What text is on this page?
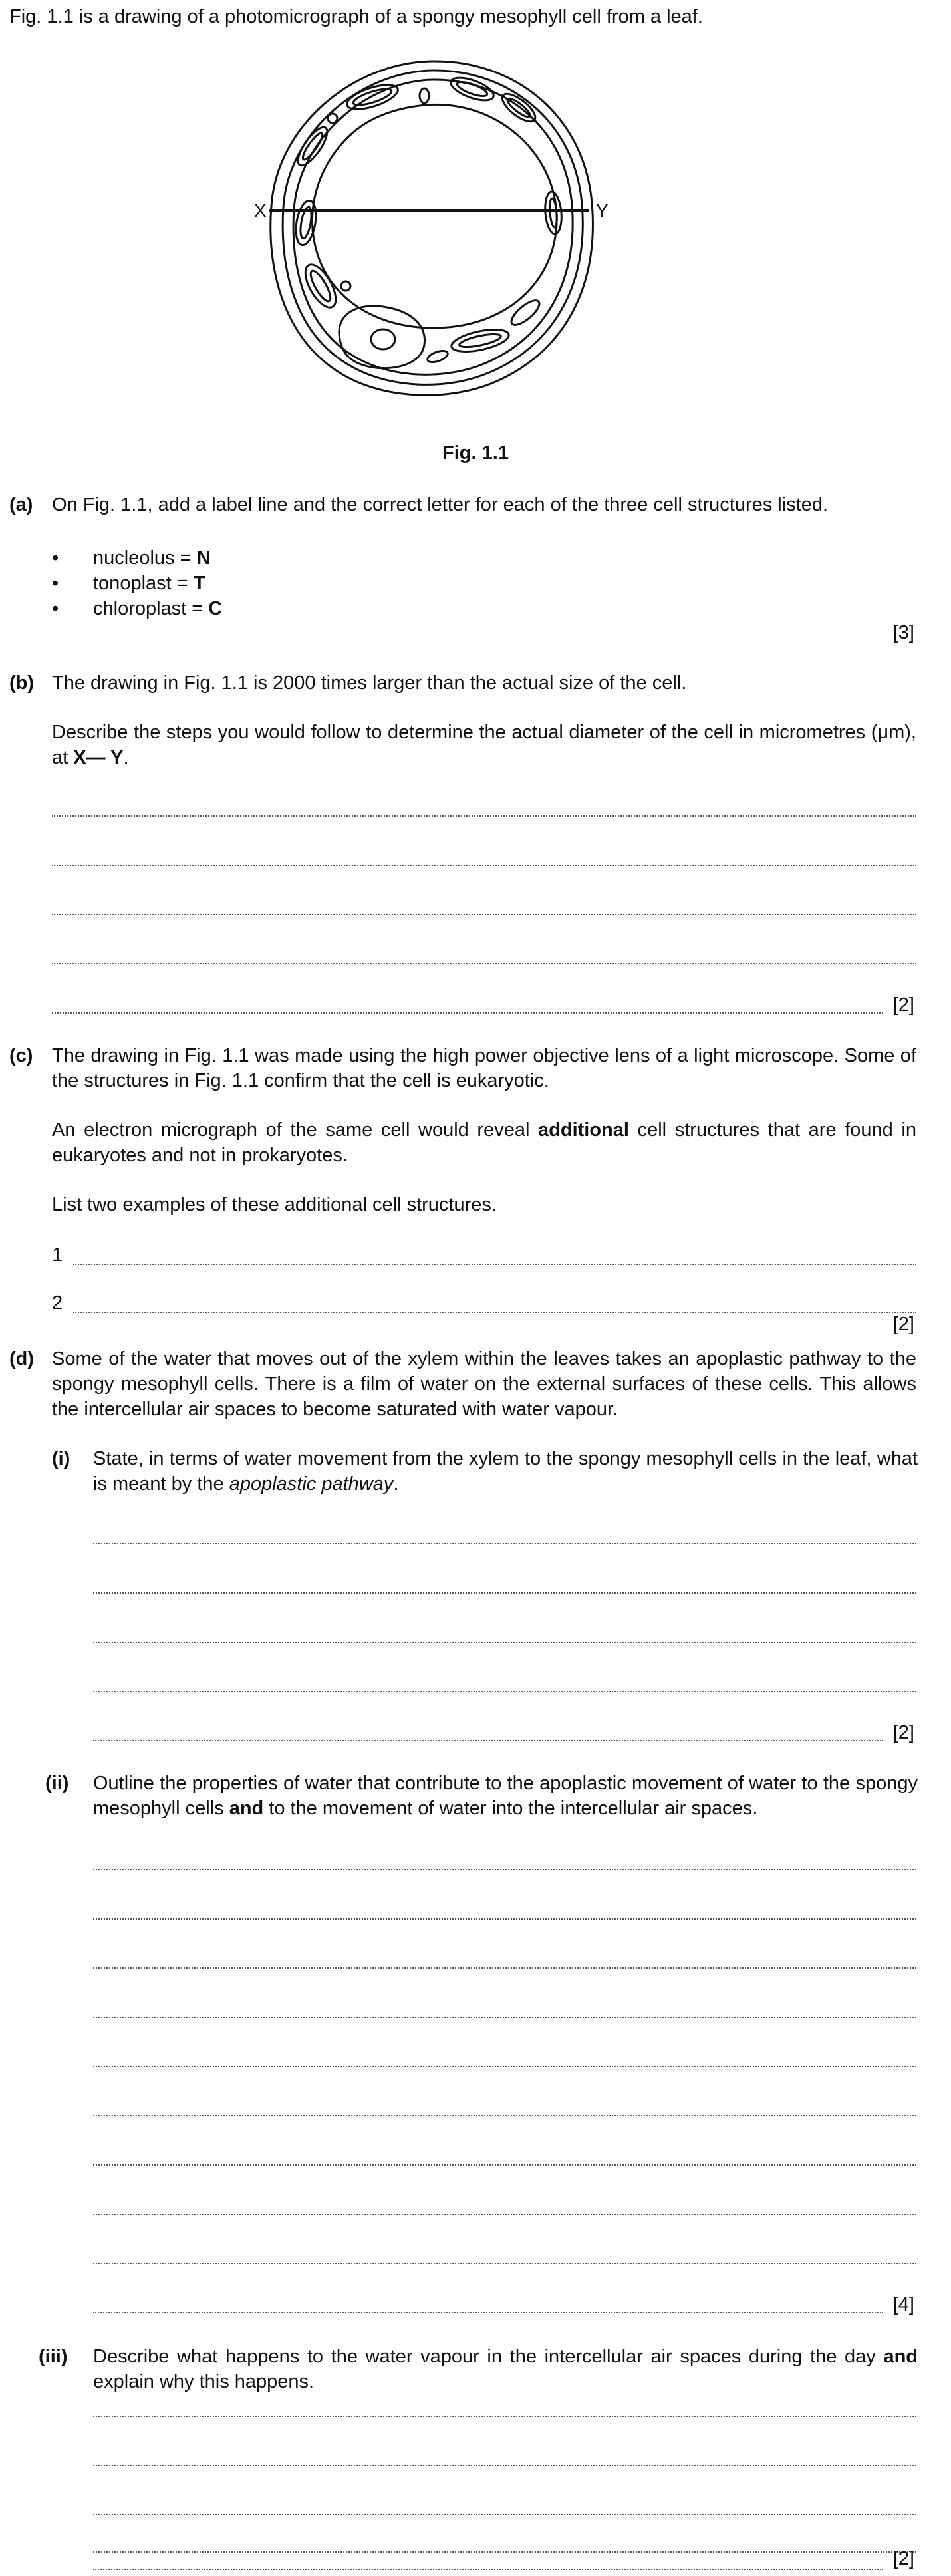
Fig. 1.1 is a drawing of a photomicrograph of a spongy mesophyll cell from a leaf.
X	Y
Fig. 1.1
(a) On Fig. 1.1, add a label line and the correct letter for each of the three cell structures listed.
• nucleolus = N
• tonoplast = T
• chloroplast = C
[3]
(b) The drawing in Fig. 1.1 is 2000 times larger than the actual size of the cell.
Describe the steps you would follow to determine the actual diameter of the cell in micrometres (μm), at X— Y.
[2]
(c) The drawing in Fig. 1.1 was made using the high power objective lens of a light microscope. Some of the structures in Fig. 1.1 confirm that the cell is eukaryotic.
An electron micrograph of the same cell would reveal additional cell structures that are found in eukaryotes and not in prokaryotes.
List two examples of these additional cell structures.
1
2
[2]
(d) Some of the water that moves out of the xylem within the leaves takes an apoplastic pathway to the spongy mesophyll cells. There is a film of water on the external surfaces of these cells. This allows the intercellular air spaces to become saturated with water vapour.
(i) State, in terms of water movement from the xylem to the spongy mesophyll cells in the leaf, what is meant by the apoplastic pathway.
[2]
(ii) Outline the properties of water that contribute to the apoplastic movement of water to the spongy mesophyll cells and to the movement of water into the intercellular air spaces.
[4]
(iii) Describe what happens to the water vapour in the intercellular air spaces during the day and explain why this happens.
[2]
